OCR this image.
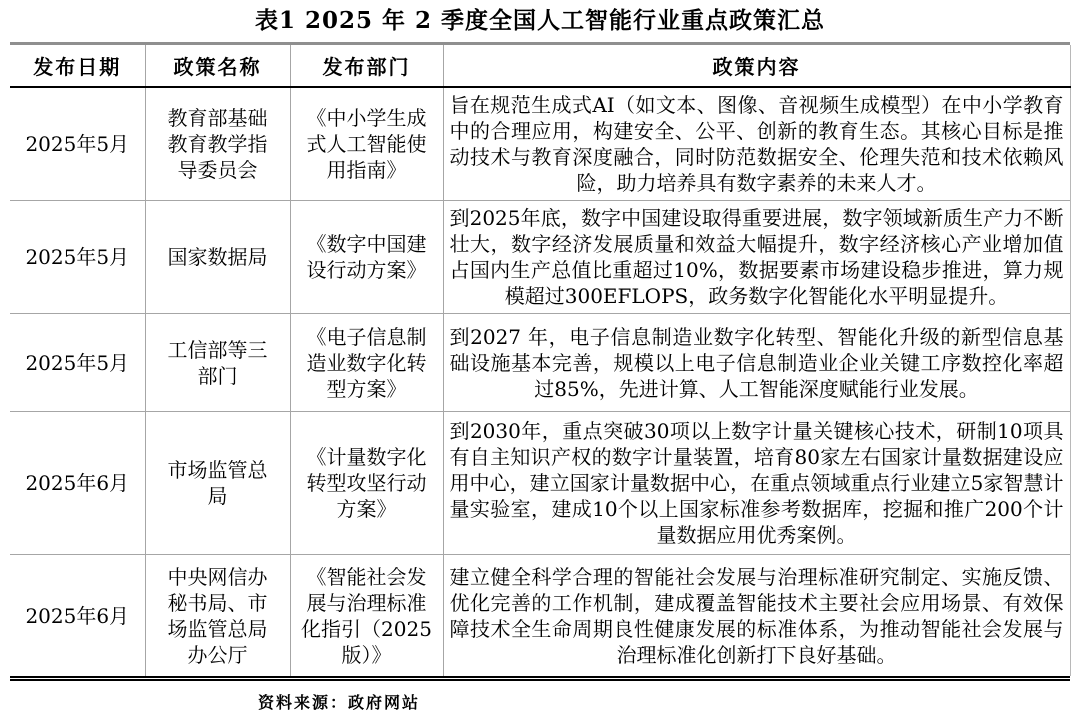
表1 2025 年 2 季度全国人工智能行业重点政策汇总
发布日期	政策名称	发布部门	政策内容
2025年5月	教育部基础教育教学指导委员会	《中小学生成式人工智能使用指南》	旨在规范生成式AI（如文本、图像、音视频生成模型）在中小学教育中的合理应用，构建安全、公平、创新的教育生态。其核心目标是推动技术与教育深度融合，同时防范数据安全、伦理失范和技术依赖风险，助力培养具有数字素养的未来人才。
2025年5月	国家数据局	《数字中国建设行动方案》	到2025年底，数字中国建设取得重要进展，数字领域新质生产力不断壮大，数字经济发展质量和效益大幅提升，数字经济核心产业增加值占国内生产总值比重超过10%，数据要素市场建设稳步推进，算力规模超过300EFLOPS，政务数字化智能化水平明显提升。
2025年5月	工信部等三部门	《电子信息制造业数字化转型方案》	到2027 年，电子信息制造业数字化转型、智能化升级的新型信息基础设施基本完善，规模以上电子信息制造业企业关键工序数控化率超过85%，先进计算、人工智能深度赋能行业发展。
2025年6月	市场监管总局	《计量数字化转型攻坚行动方案》	到2030年，重点突破30项以上数字计量关键核心技术，研制10项具有自主知识产权的数字计量装置，培育80家左右国家计量数据建设应用中心，建立国家计量数据中心，在重点领域重点行业建立5家智慧计量实验室，建成10个以上国家标准参考数据库，挖掘和推广200个计量数据应用优秀案例。
2025年6月	中央网信办秘书局、市场监管总局办公厅	《智能社会发展与治理标准化指引（2025版）》	建立健全科学合理的智能社会发展与治理标准研究制定、实施反馈、优化完善的工作机制，建成覆盖智能技术主要社会应用场景、有效保障技术全生命周期良性健康发展的标准体系，为推动智能社会发展与治理标准化创新打下良好基础。
资料来源：政府网站
